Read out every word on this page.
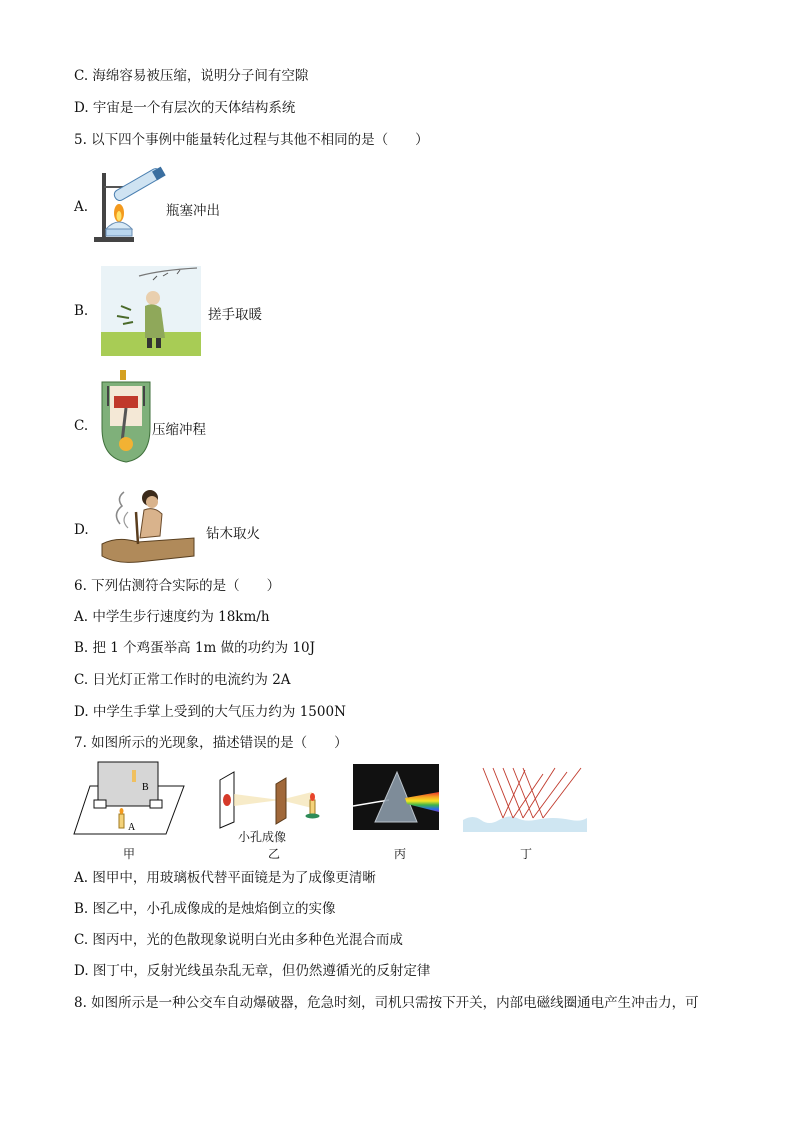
C. 海绵容易被压缩，说明分子间有空隙
D. 宇宙是一个有层次的天体结构系统
5. 以下四个事例中能量转化过程与其他不相同的是（　　）
A.	瓶塞冲出
B.	搓手取暖
C.	压缩冲程
D.	钻木取火
6. 下列估测符合实际的是（　　）
A. 中学生步行速度约为 18km/h
B. 把 1 个鸡蛋举高 1m 做的功约为 10J
C. 日光灯正常工作时的电流约为 2A
D. 中学生手掌上受到的大气压力约为 1500N
7. 如图所示的光现象，描述错误的是（　　）
B
A
小孔成像
甲	乙	丙	丁
A. 图甲中，用玻璃板代替平面镜是为了成像更清晰
B. 图乙中，小孔成像成的是烛焰倒立的实像
C. 图丙中，光的色散现象说明白光由多种色光混合而成
D. 图丁中，反射光线虽杂乱无章，但仍然遵循光的反射定律
8. 如图所示是一种公交车自动爆破器，危急时刻，司机只需按下开关，内部电磁线圈通电产生冲击力，可
